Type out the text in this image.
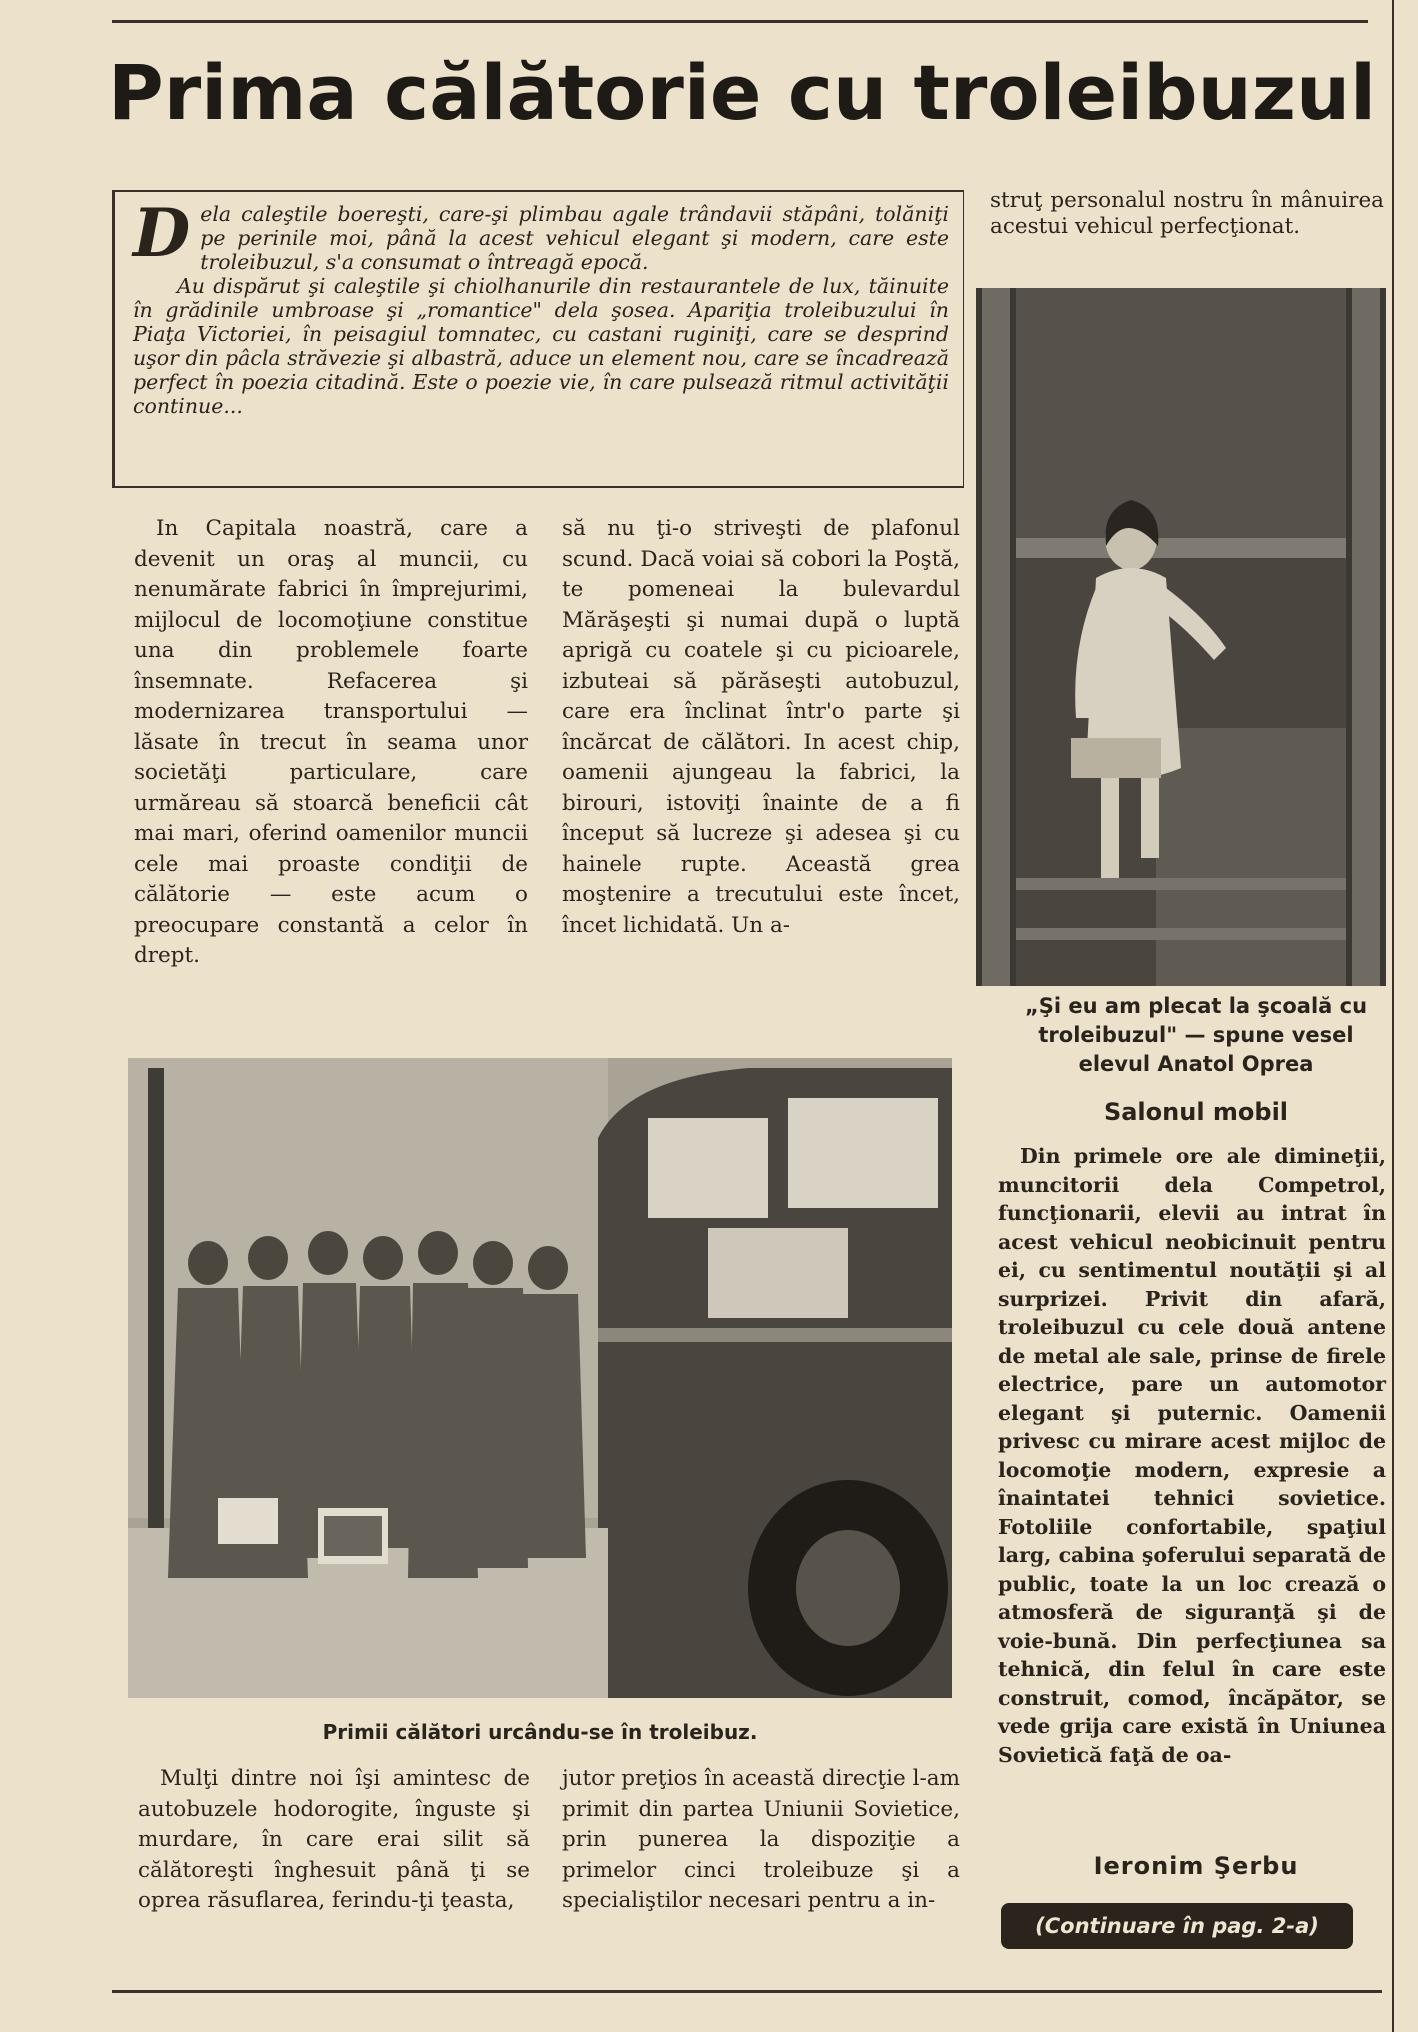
Prima călătorie cu troleibuzul
D ela caleştile boereşti, care-şi plimbau agale trândavii stăpâni, tolăniţi pe perinile moi, până la acest vehicul elegant şi modern, care este troleibuzul, s'a consumat o întreagă epocă.

Au dispărut şi caleştile şi chiolhanurile din restaurantele de lux, tăinuite în grădinile umbroase şi „romantice" dela şosea. Apariţia troleibuzului în Piaţa Victoriei, în peisagiul tomnatec, cu castani ruginiţi, care se desprind uşor din pâcla străvezie şi albastră, aduce un element nou, care se încadrează perfect în poezia citadină. Este o poezie vie, în care pulsează ritmul activităţii continue...

In Capitala noastră, care a devenit un oraş al muncii, cu nenumărate fabrici în împrejurimi, mijlocul de locomoţiune constitue una din problemele foarte însemnate. Refacerea şi modernizarea transportului — lăsate în trecut în seama unor societăţi particulare, care urmăreau să stoarcă beneficii cât mai mari, oferind oamenilor muncii cele mai proaste condiţii de călătorie — este acum o preocupare constantă a celor în drept.

să nu ţi-o striveşti de plafonul scund. Dacă voiai să cobori la Poştă, te pomeneai la bulevardul Mărăşeşti şi numai după o luptă aprigă cu coatele şi cu picioarele, izbuteai să părăseşti autobuzul, care era înclinat într'o parte şi încărcat de călători. In acest chip, oamenii ajungeau la fabrici, la birouri, istoviţi înainte de a fi început să lucreze şi adesea şi cu hainele rupte. Această grea moştenire a trecutului este încet, încet lichidată. Un a-

struţ personalul nostru în mânuirea acestui vehicul perfecţionat.

„Şi eu am plecat la şcoală cu troleibuzul" — spune vesel elevul Anatol Oprea
Salonul mobil

Din primele ore ale dimineţii, muncitorii dela Competrol, funcţionarii, elevii au intrat în acest vehicul neobicinuit pentru ei, cu sentimentul noutăţii şi al surprizei. Privit din afară, troleibuzul cu cele două antene de metal ale sale, prinse de firele electrice, pare un automotor elegant şi puternic. Oamenii privesc cu mirare acest mijloc de locomoţie modern, expresie a înaintatei tehnici sovietice. Fotoliile confortabile, spaţiul larg, cabina şoferului separată de public, toate la un loc crează o atmosferă de siguranţă şi de voie-bună. Din perfecţiunea sa tehnică, din felul în care este construit, comod, încăpător, se vede grija care există în Uniunea Sovietică faţă de oa-

Ieronim Şerbu
(Continuare în pag. 2-a)
Primii călători urcându-se în troleibuz.

Mulţi dintre noi îşi amintesc de autobuzele hodorogite, înguste şi murdare, în care erai silit să călătoreşti înghesuit până ţi se oprea răsuflarea, ferindu-ţi ţeasta,

jutor preţios în această direcţie l-am primit din partea Uniunii Sovietice, prin punerea la dispoziţie a primelor cinci troleibuze şi a specialiştilor necesari pentru a in-
